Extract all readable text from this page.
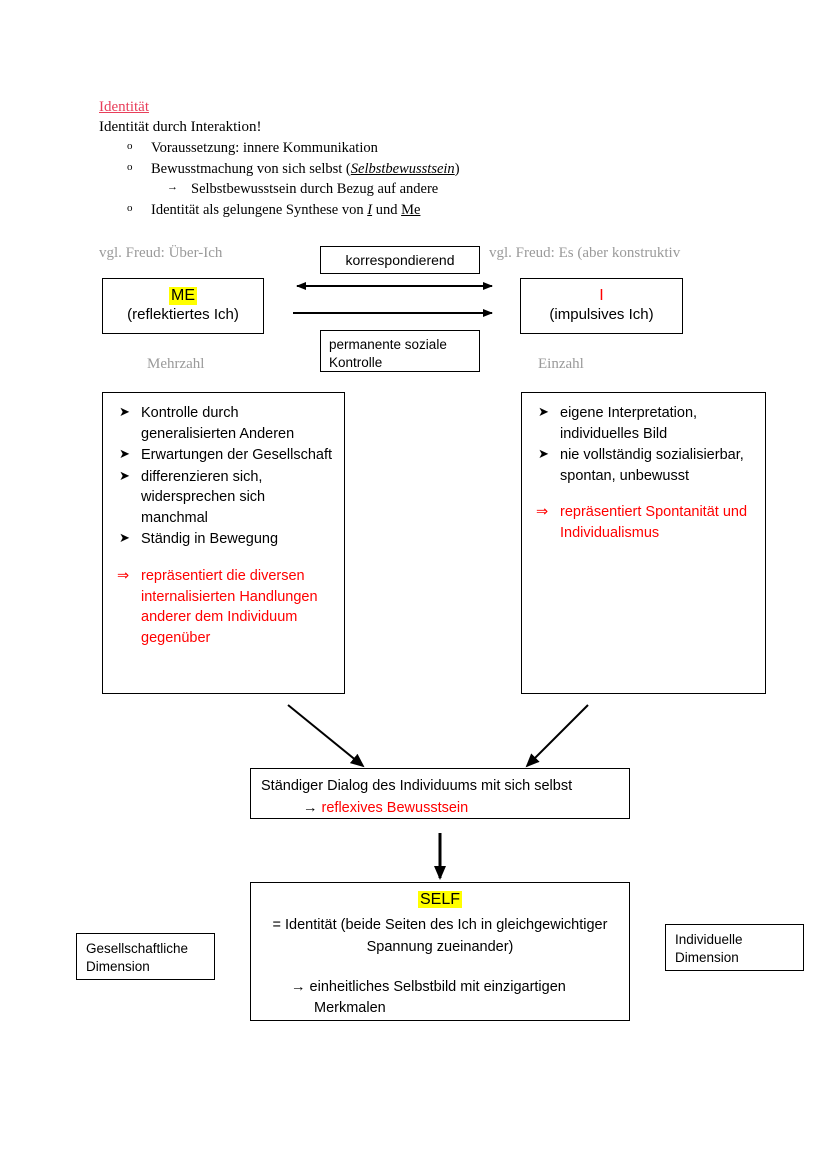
Identität
Identität durch Interaktion!
o Voraussetzung: innere Kommunikation
o Bewusstmachung von sich selbst (Selbstbewusstsein)
→ Selbstbewusstsein durch Bezug auf andere
o Identität als gelungene Synthese von I und Me
vgl. Freud: Über-Ich	vgl. Freud: Es (aber konstruktiv
Mehrzahl	Einzahl
ME
(reflektiertes Ich)
I
(impulsives Ich)
korrespondierend
permanente soziale
Kontrolle
➤ Kontrolle durch generalisierten Anderen
➤ Erwartungen der Gesellschaft
➤ differenzieren sich, widersprechen sich manchmal
➤ Ständig in Bewegung
⇒ repräsentiert die diversen internalisierten Handlungen anderer dem Individuum gegenüber
➤ eigene Interpretation, individuelles Bild
➤ nie vollständig sozialisierbar, spontan, unbewusst
⇒ repräsentiert Spontanität und Individualismus
Ständiger Dialog des Individuums mit sich selbst
→ reflexives Bewusstsein
SELF
= Identität (beide Seiten des Ich in gleichgewichtiger
Spannung zueinander)
→ einheitliches Selbstbild mit einzigartigen
Merkmalen
Gesellschaftliche
Dimension
Individuelle
Dimension
